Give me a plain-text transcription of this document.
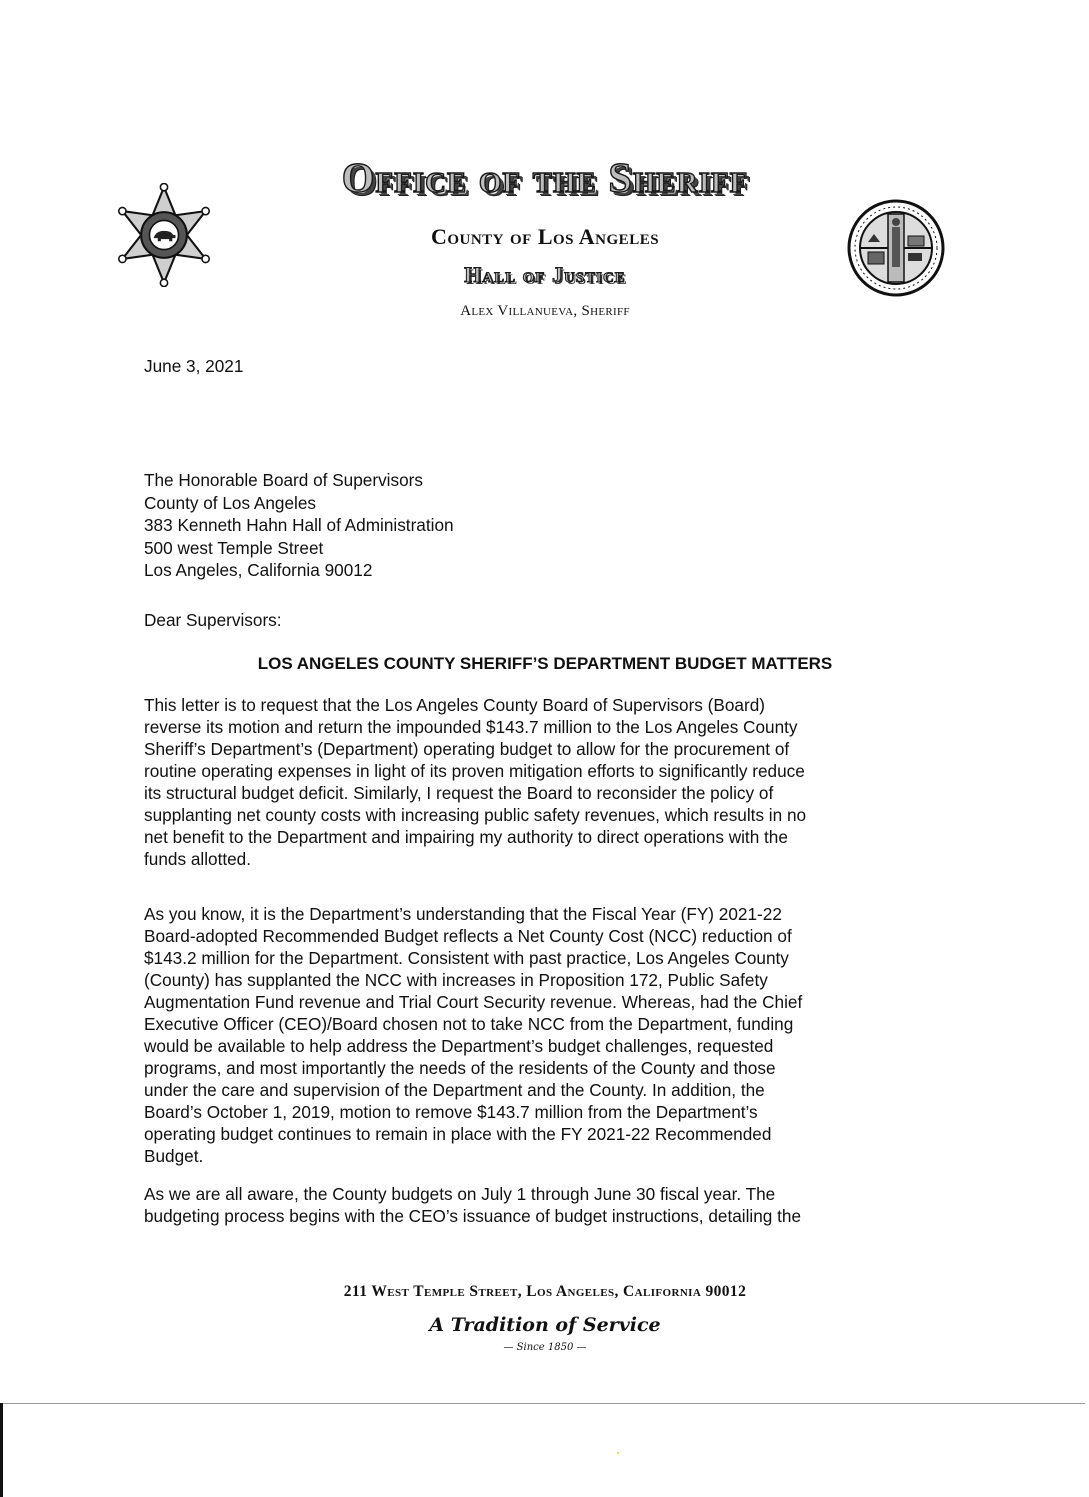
Office of the Sheriff
County of Los Angeles
Hall of Justice
Alex Villanueva, Sheriff
June 3, 2021
The Honorable Board of Supervisors
County of Los Angeles
383 Kenneth Hahn Hall of Administration
500 west Temple Street
Los Angeles, California 90012
Dear Supervisors:
LOS ANGELES COUNTY SHERIFF’S DEPARTMENT BUDGET MATTERS
This letter is to request that the Los Angeles County Board of Supervisors (Board)
reverse its motion and return the impounded $143.7 million to the Los Angeles County
Sheriff’s Department’s (Department) operating budget to allow for the procurement of
routine operating expenses in light of its proven mitigation efforts to significantly reduce
its structural budget deficit. Similarly, I request the Board to reconsider the policy of
supplanting net county costs with increasing public safety revenues, which results in no
net benefit to the Department and impairing my authority to direct operations with the
funds allotted.
As you know, it is the Department’s understanding that the Fiscal Year (FY) 2021-22
Board-adopted Recommended Budget reflects a Net County Cost (NCC) reduction of
$143.2 million for the Department. Consistent with past practice, Los Angeles County
(County) has supplanted the NCC with increases in Proposition 172, Public Safety
Augmentation Fund revenue and Trial Court Security revenue. Whereas, had the Chief
Executive Officer (CEO)/Board chosen not to take NCC from the Department, funding
would be available to help address the Department’s budget challenges, requested
programs, and most importantly the needs of the residents of the County and those
under the care and supervision of the Department and the County. In addition, the
Board’s October 1, 2019, motion to remove $143.7 million from the Department’s
operating budget continues to remain in place with the FY 2021-22 Recommended
Budget.
As we are all aware, the County budgets on July 1 through June 30 fiscal year. The
budgeting process begins with the CEO’s issuance of budget instructions, detailing the
211 West Temple Street, Los Angeles, California 90012
A Tradition of Service
— Since 1850 —
